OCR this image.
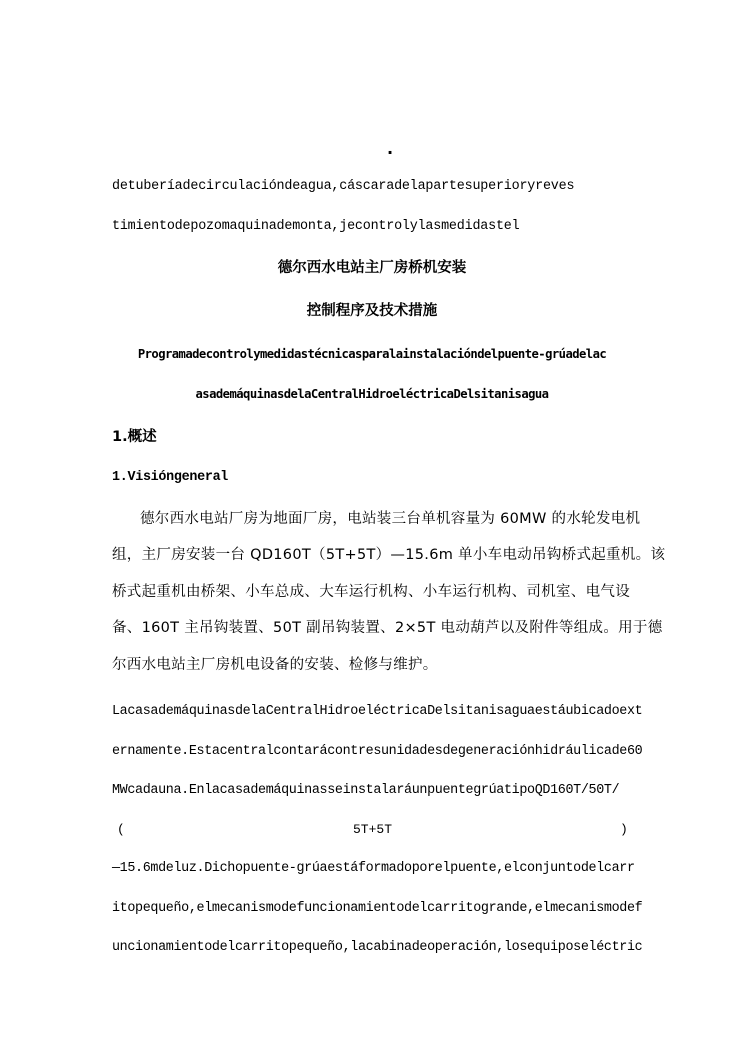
.
detuberíadecirculacióndeagua,cáscaradelapartesuperioryreves
timientodepozomaquinademonta,jecontrolylasmedidastel
德尔西水电站主厂房桥机安装
控制程序及技术措施
Programadecontrolymedidastécnicasparalainstalacióndelpuente-grúadelac
asademáquinasdelaCentralHidroeléctricaDelsitanisagua
1.概述
1.Visióngeneral
德尔西水电站厂房为地面厂房，电站装三台单机容量为 60MW 的水轮发电机
组，主厂房安装一台 QD160T（5T+5T）—15.6m 单小车电动吊钩桥式起重机。该
桥式起重机由桥架、小车总成、大车运行机构、小车运行机构、司机室、电气设
备、160T 主吊钩装置、50T 副吊钩装置、2×5T 电动葫芦以及附件等组成。用于德
尔西水电站主厂房机电设备的安装、检修与维护。
LacasademáquinasdelaCentralHidroeléctricaDelsitanisaguaestáubicadoext
ernamente.Estacentralcontarácontresunidadesdegeneraciónhidráulicade60
MWcadauna.EnlacasademáquinasseinstalaráunpuentegrúatipoQD160T/50T/
(	5T+5T	)
—15.6mdeluz.Dichopuente-grúaestáformadoporelpuente,elconjuntodelcarr
itopequeño,elmecanismodefuncionamientodelcarritogrande,elmecanismodef
uncionamientodelcarritopequeño,lacabinadeoperación,losequiposeléctric
